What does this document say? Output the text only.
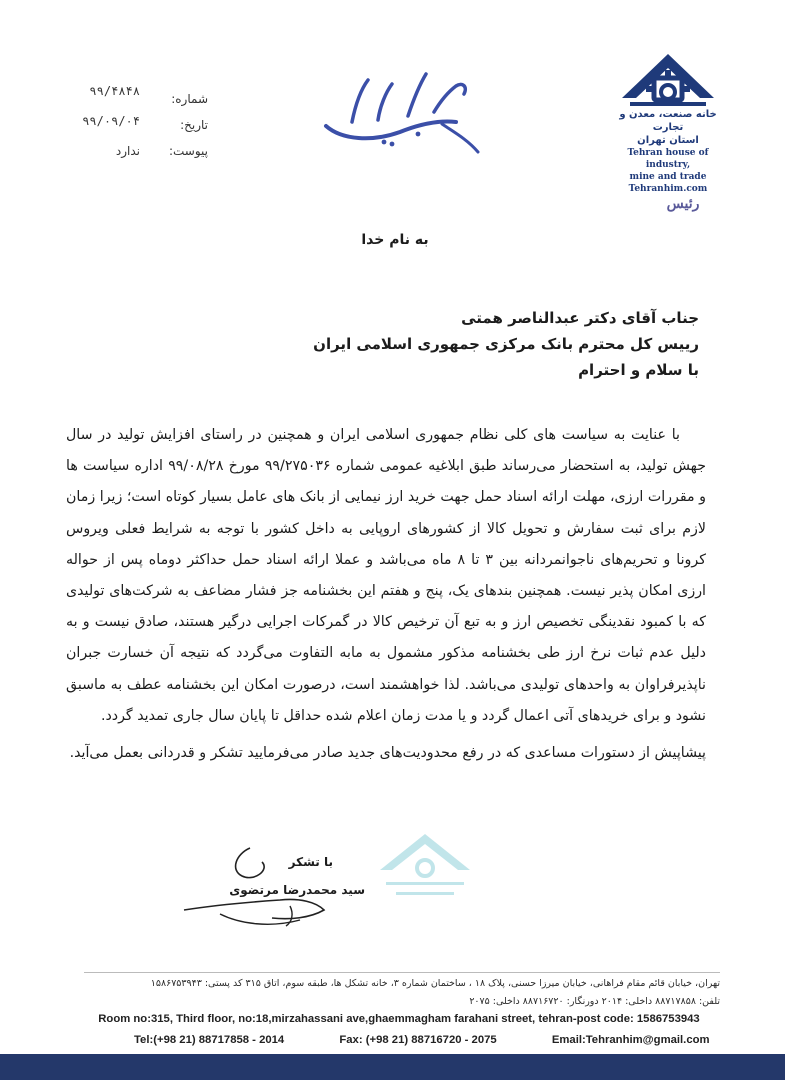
خانه صنعت، معدن و تجارت
استان تهران
Tehran house of industry,
mine and trade
Tehranhim.com
رئیس
شماره:
تاریخ:
پیوست:
۹۹/۴۸۴۸
۹۹/۰۹/۰۴
ندارد
به نام خدا
جناب آقای دکتر عبدالناصر همتی
رییس کل محترم بانک مرکزی جمهوری اسلامی ایران
با سلام و احترام

با عنایت به سیاست های کلی نظام جمهوری اسلامی ایران و همچنین در راستای افزایش تولید در سال جهش تولید، به استحضار می‌رساند طبق ابلاغیه عمومی شماره ۹۹/۲۷۵۰۳۶ مورخ ۹۹/۰۸/۲۸ اداره سیاست ها و مقررات ارزی، مهلت ارائه اسناد حمل جهت خرید ارز نیمایی از بانک های عامل بسیار کوتاه است؛ زیرا زمان لازم برای ثبت سفارش و تحویل کالا از کشورهای اروپایی به داخل کشور با توجه به شرایط فعلی ویروس کرونا و تحریم‌های ناجوانمردانه بین ۳ تا ۸ ماه می‌باشد و عملا ارائه اسناد حمل حداکثر دوماه پس از حواله ارزی امکان پذیر نیست. همچنین بندهای یک، پنج و هفتم این بخشنامه جز فشار مضاعف به شرکت‌های تولیدی که با کمبود نقدینگی تخصیص ارز و به تبع آن ترخیص کالا در گمرکات اجرایی درگیر هستند، صادق نیست و به دلیل عدم ثبات نرخ ارز طی بخشنامه مذکور مشمول به مابه التفاوت می‌گردد که نتیجه آن خسارت جبران ناپذیرفراوان به واحدهای تولیدی می‌باشد. لذا خواهشمند است، درصورت امکان این بخشنامه عطف به ماسبق نشود و برای خریدهای آتی اعمال گردد و یا مدت زمان اعلام شده حداقل تا پایان سال جاری تمدید گردد.

پیشاپیش از دستورات مساعدی که در رفع محدودیت‌های جدید صادر می‌فرمایید تشکر و قدردانی بعمل می‌آید.

با تشکر
سید محمدرضا مرتضوی
تهران، خیابان قائم مقام فراهانی، خیابان میرزا حسنی، پلاک ۱۸ ، ساختمان شماره ۳، خانه تشکل ها، طبقه سوم، اتاق ۳۱۵ کد پستی: ۱۵۸۶۷۵۳۹۴۳
تلفن: ۸۸۷۱۷۸۵۸ داخلی: ۲۰۱۴ دورنگار: ۸۸۷۱۶۷۲۰ داخلی: ۲۰۷۵
Room no:315, Third floor, no:18,mirzahassani ave,ghaemmagham farahani street, tehran-post code: 1586753943
Tel:(+98 21) 88717858 - 2014	Fax: (+98 21) 88716720 - 2075	Email:Tehranhim@gmail.com
